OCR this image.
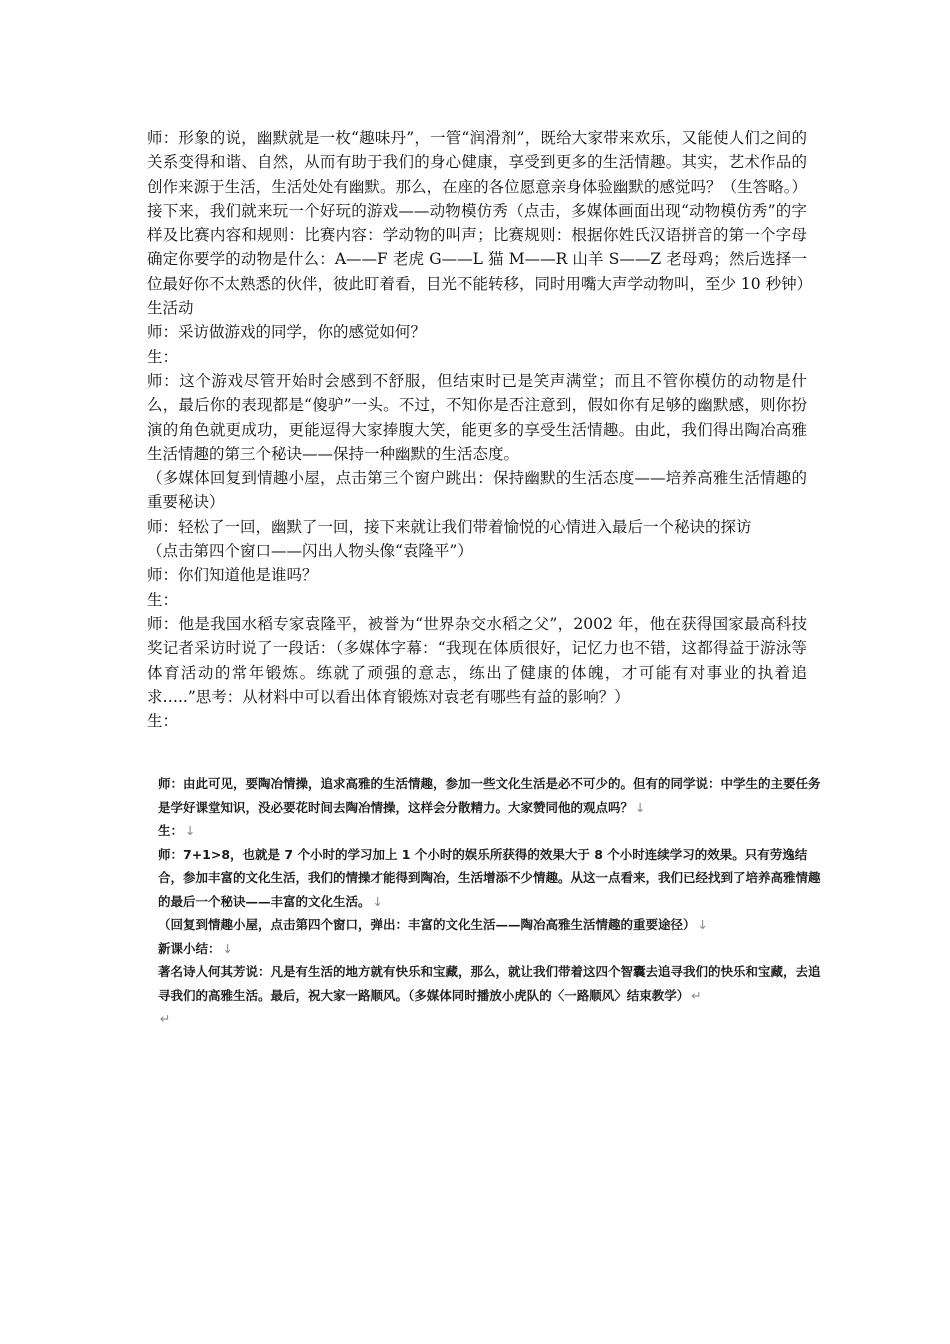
师：形象的说，幽默就是一枚“趣味丹”，一管“润滑剂”，既给大家带来欢乐，又能使人们之间的关系变得和谐、自然，从而有助于我们的身心健康，享受到更多的生活情趣。其实，艺术作品的创作来源于生活，生活处处有幽默。那么，在座的各位愿意亲身体验幽默的感觉吗？（生答略。）接下来，我们就来玩一个好玩的游戏——动物模仿秀（点击，多媒体画面出现“动物模仿秀”的字样及比赛内容和规则：比赛内容：学动物的叫声；比赛规则：根据你姓氏汉语拼音的第一个字母确定你要学的动物是什么：A——F 老虎 G——L 猫 M——R 山羊 S——Z 老母鸡；然后选择一位最好你不太熟悉的伙伴，彼此盯着看，目光不能转移，同时用嘴大声学动物叫，至少 10 秒钟）

生活动

师：采访做游戏的同学，你的感觉如何？

生：

师：这个游戏尽管开始时会感到不舒服，但结束时已是笑声满堂；而且不管你模仿的动物是什么，最后你的表现都是“傻驴”一头。不过，不知你是否注意到，假如你有足够的幽默感，则你扮演的角色就更成功，更能逗得大家捧腹大笑，能更多的享受生活情趣。由此，我们得出陶冶高雅生活情趣的第三个秘诀——保持一种幽默的生活态度。

（多媒体回复到情趣小屋，点击第三个窗户跳出：保持幽默的生活态度——培养高雅生活情趣的重要秘诀）

师：轻松了一回，幽默了一回，接下来就让我们带着愉悦的心情进入最后一个秘诀的探访

（点击第四个窗口——闪出人物头像“袁隆平”）

师：你们知道他是谁吗？

生：

师：他是我国水稻专家袁隆平，被誉为“世界杂交水稻之父”，2002 年，他在获得国家最高科技奖记者采访时说了一段话：（多媒体字幕：“我现在体质很好，记忆力也不错，这都得益于游泳等体育活动的常年锻炼。练就了顽强的意志，练出了健康的体魄，才可能有对事业的执着追求…..”思考：从材料中可以看出体育锻炼对袁老有哪些有益的影响？）

生：

师：由此可见，要陶冶情操，追求高雅的生活情趣，参加一些文化生活是必不可少的。但有的同学说：中学生的主要任务是学好课堂知识，没必要花时间去陶冶情操，这样会分散精力。大家赞同他的观点吗？ ↓

生： ↓

师：7+1>8，也就是 7 个小时的学习加上 1 个小时的娱乐所获得的效果大于 8 个小时连续学习的效果。只有劳逸结合，参加丰富的文化生活，我们的情操才能得到陶冶，生活增添不少情趣。从这一点看来，我们已经找到了培养高雅情趣的最后一个秘诀——丰富的文化生活。 ↓

（回复到情趣小屋，点击第四个窗口，弹出：丰富的文化生活——陶冶高雅生活情趣的重要途径） ↓

新课小结： ↓

著名诗人何其芳说：凡是有生活的地方就有快乐和宝藏，那么，就让我们带着这四个智囊去追寻我们的快乐和宝藏，去追寻我们的高雅生活。最后，祝大家一路顺风。（多媒体同时播放小虎队的〈一路顺风〉结束教学） ↵

↵
